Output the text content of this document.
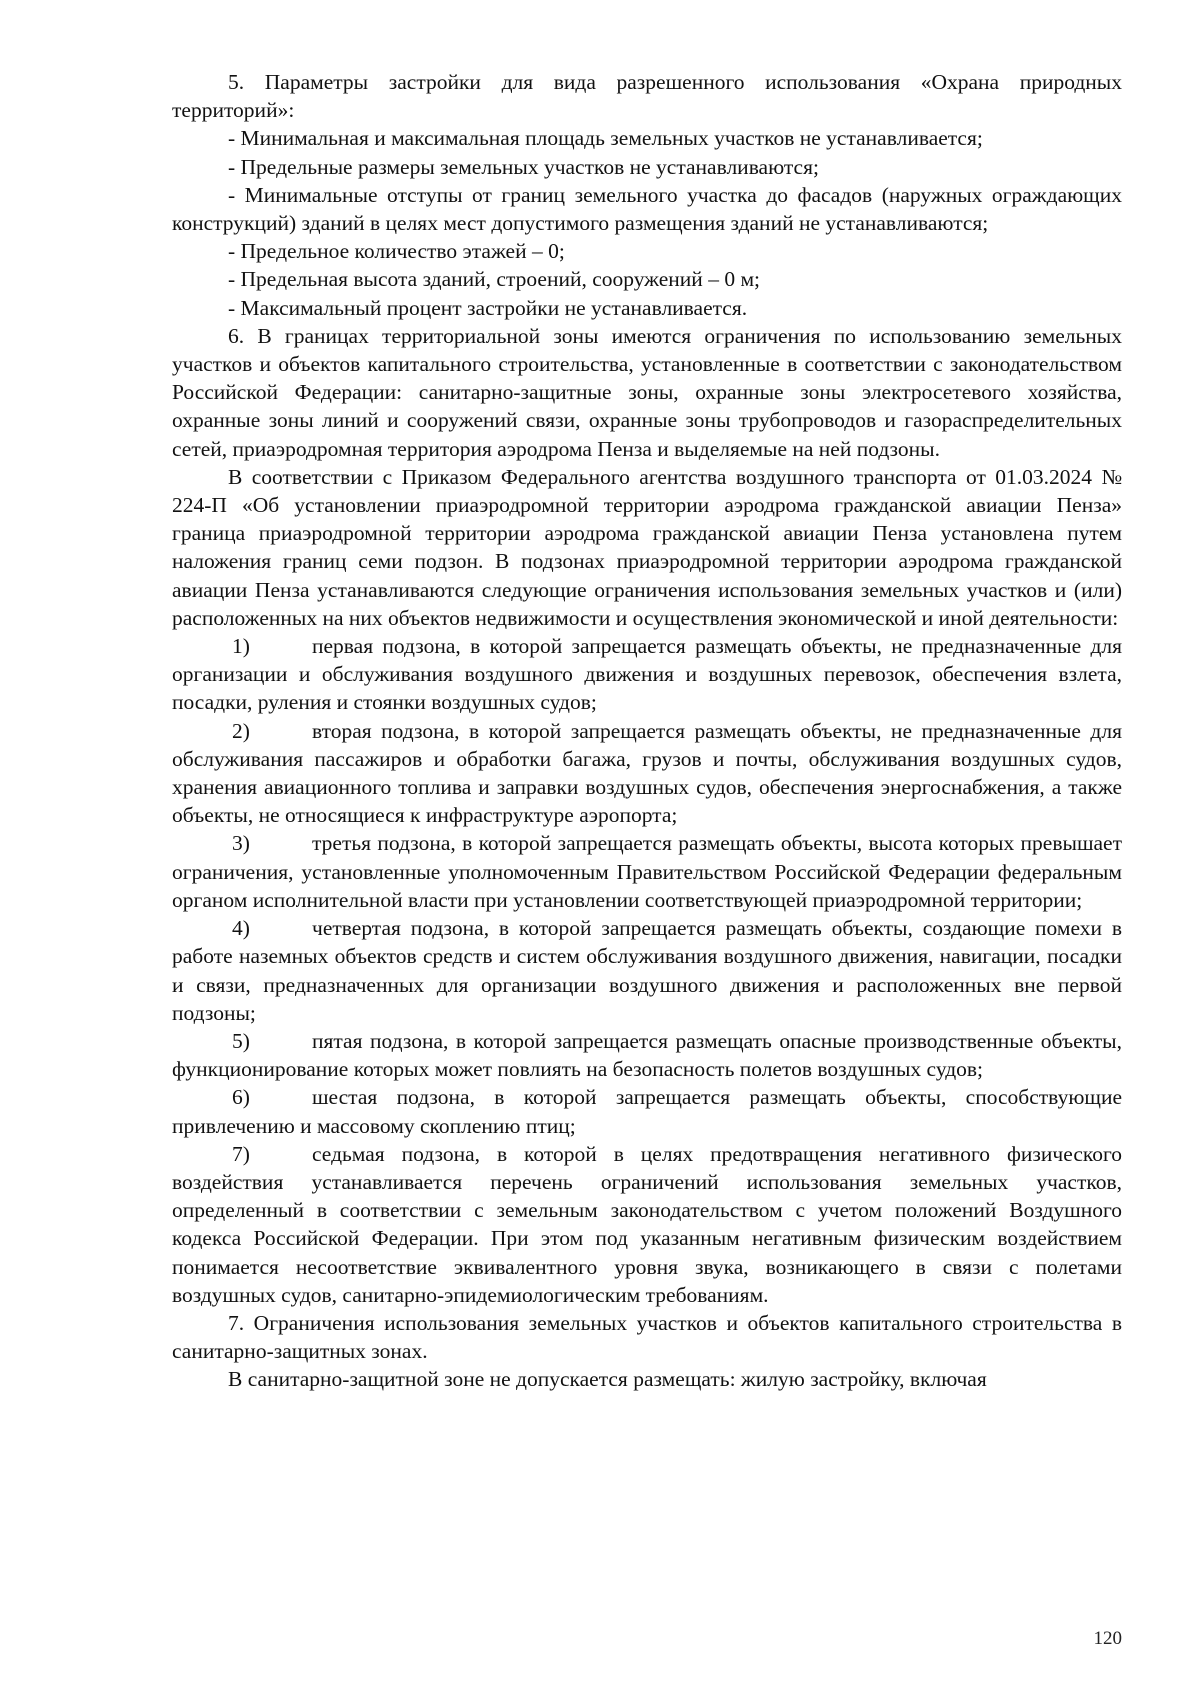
5. Параметры застройки для вида разрешенного использования «Охрана природных территорий»:

- Минимальная и максимальная площадь земельных участков не устанавливается;

- Предельные размеры земельных участков не устанавливаются;

- Минимальные отступы от границ земельного участка до фасадов (наружных ограждающих конструкций) зданий в целях мест допустимого размещения зданий не устанавливаются;

- Предельное количество этажей – 0;

- Предельная высота зданий, строений, сооружений – 0 м;

- Максимальный процент застройки не устанавливается.

6. В границах территориальной зоны имеются ограничения по использованию земельных участков и объектов капитального строительства, установленные в соответствии с законодательством Российской Федерации: санитарно-защитные зоны, охранные зоны электросетевого хозяйства, охранные зоны линий и сооружений связи, охранные зоны трубопроводов и газораспределительных сетей, приаэродромная территория аэродрома Пенза и выделяемые на ней подзоны.

В соответствии с Приказом Федерального агентства воздушного транспорта от 01.03.2024 № 224-П «Об установлении приаэродромной территории аэродрома гражданской авиации Пенза» граница приаэродромной территории аэродрома гражданской авиации Пенза установлена путем наложения границ семи подзон. В подзонах приаэродромной территории аэродрома гражданской авиации Пенза устанавливаются следующие ограничения использования земельных участков и (или) расположенных на них объектов недвижимости и осуществления экономической и иной деятельности:

1)	первая подзона, в которой запрещается размещать объекты, не предназначенные для организации и обслуживания воздушного движения и воздушных перевозок, обеспечения взлета, посадки, руления и стоянки воздушных судов;

2)	вторая подзона, в которой запрещается размещать объекты, не предназначенные для обслуживания пассажиров и обработки багажа, грузов и почты, обслуживания воздушных судов, хранения авиационного топлива и заправки воздушных судов, обеспечения энергоснабжения, а также объекты, не относящиеся к инфраструктуре аэропорта;

3)	третья подзона, в которой запрещается размещать объекты, высота которых превышает ограничения, установленные уполномоченным Правительством Российской Федерации федеральным органом исполнительной власти при установлении соответствующей приаэродромной территории;

4)	четвертая подзона, в которой запрещается размещать объекты, создающие помехи в работе наземных объектов средств и систем обслуживания воздушного движения, навигации, посадки и связи, предназначенных для организации воздушного движения и расположенных вне первой подзоны;

5)	пятая подзона, в которой запрещается размещать опасные производственные объекты, функционирование которых может повлиять на безопасность полетов воздушных судов;

6)	шестая подзона, в которой запрещается размещать объекты, способствующие привлечению и массовому скоплению птиц;

7)	седьмая подзона, в которой в целях предотвращения негативного физического воздействия устанавливается перечень ограничений использования земельных участков, определенный в соответствии с земельным законодательством с учетом положений Воздушного кодекса Российской Федерации. При этом под указанным негативным физическим воздействием понимается несоответствие эквивалентного уровня звука, возникающего в связи с полетами воздушных судов, санитарно-эпидемиологическим требованиям.

7. Ограничения использования земельных участков и объектов капитального строительства в санитарно-защитных зонах.

В санитарно-защитной зоне не допускается размещать: жилую застройку, включая

120
